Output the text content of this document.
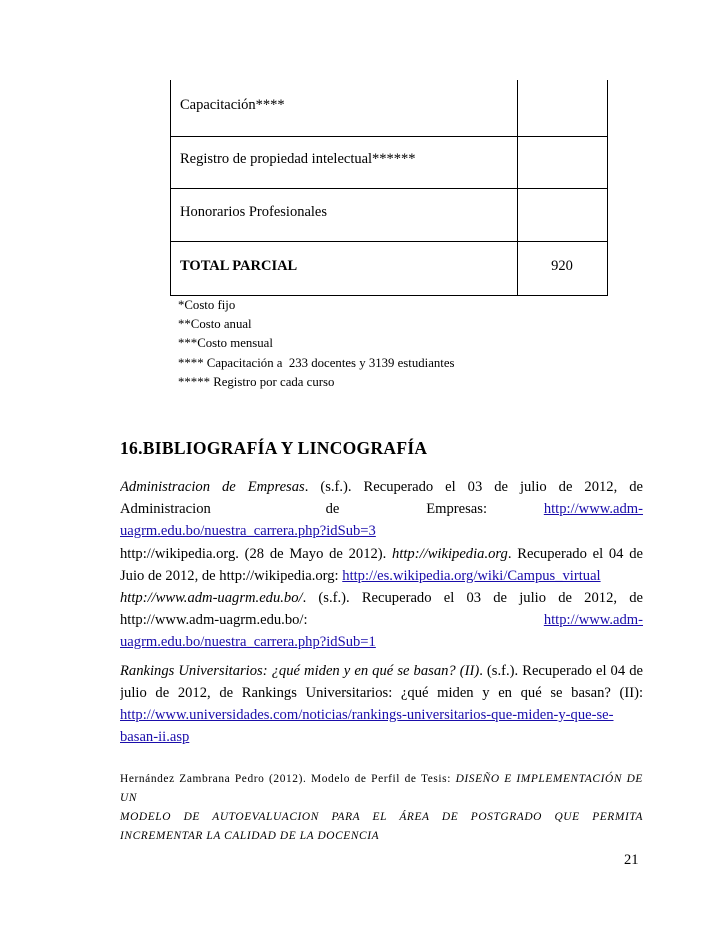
Capacitación****
Registro de propiedad intelectual******
Honorarios Profesionales
TOTAL PARCIAL	920
*Costo fijo
**Costo anual
***Costo mensual
**** Capacitación a  233 docentes y 3139 estudiantes
***** Registro por cada curso
16.BIBLIOGRAFÍA Y LINCOGRAFÍA
Administracion de Empresas. (s.f.). Recuperado el 03 de julio de 2012, de
Administracion	de	Empresas:	http://www.adm-
uagrm.edu.bo/nuestra_carrera.php?idSub=3
http://wikipedia.org. (28 de Mayo de 2012). http://wikipedia.org. Recuperado el 04 de
Juio de 2012, de http://wikipedia.org: http://es.wikipedia.org/wiki/Campus_virtual
http://www.adm-uagrm.edu.bo/. (s.f.). Recuperado el 03 de julio de 2012, de
http://www.adm-uagrm.edu.bo/:	http://www.adm-
uagrm.edu.bo/nuestra_carrera.php?idSub=1
Rankings Universitarios: ¿qué miden y en qué se basan? (II). (s.f.). Recuperado el 04 de
julio de 2012, de Rankings Universitarios: ¿qué miden y en qué se basan? (II):
http://www.universidades.com/noticias/rankings-universitarios-que-miden-y-que-se-
basan-ii.asp
Hernández Zambrana Pedro (2012). Modelo de Perfil de Tesis: DISEÑO E IMPLEMENTACIÓN DE UN
MODELO DE AUTOEVALUACION PARA EL ÁREA DE POSTGRADO QUE PERMITA
INCREMENTAR LA CALIDAD DE LA DOCENCIA
21
